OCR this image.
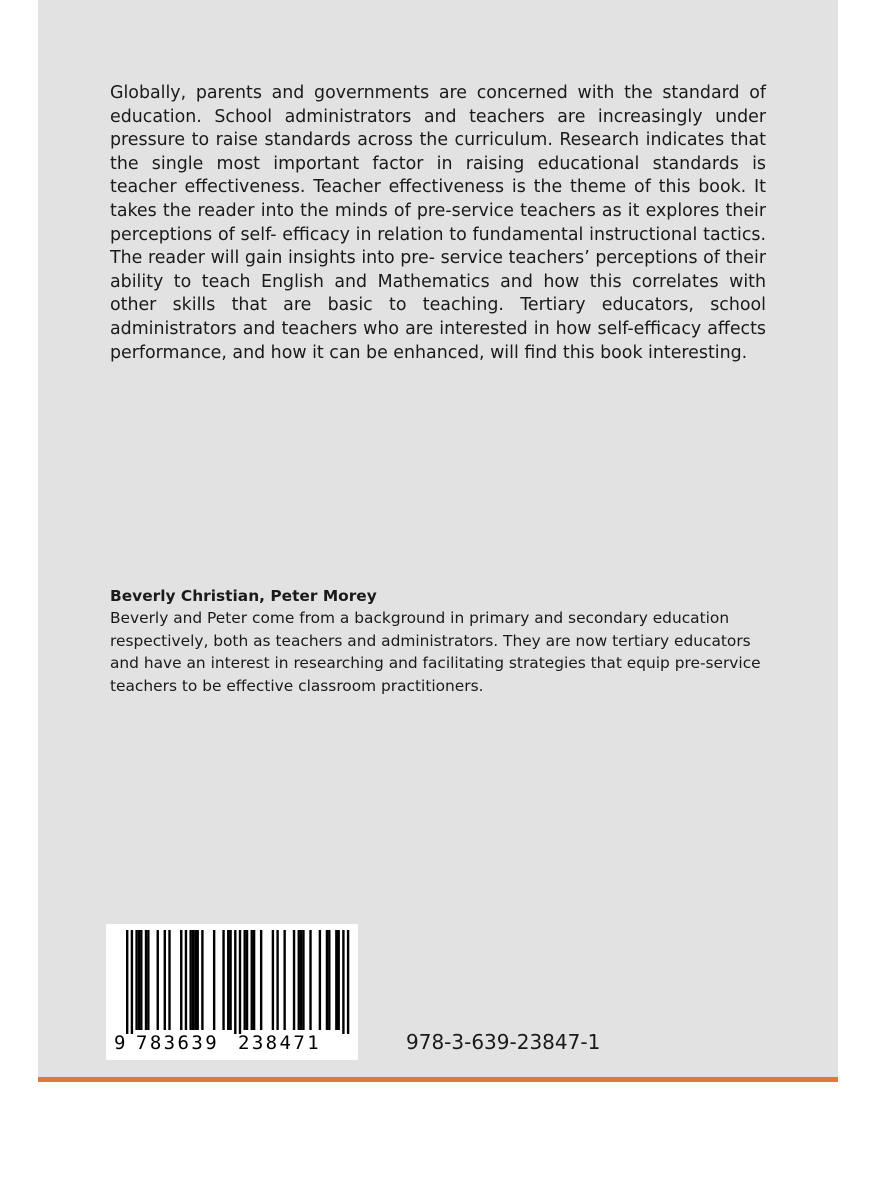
Globally, parents and governments are concerned with the standard of education. School administrators and teachers are increasingly under pressure to raise standards across the curriculum. Research indicates that the single most important factor in raising educational standards is teacher effectiveness. Teacher effectiveness is the theme of this book. It takes the reader into the minds of pre-service teachers as it explores their perceptions of self- efficacy in relation to fundamental instructional tactics. The reader will gain insights into pre- service teachers’ perceptions of their ability to teach English and Mathematics and how this correlates with other skills that are basic to teaching. Tertiary educators, school administrators and teachers who are interested in how self-efficacy affects performance, and how it can be enhanced, will find this book interesting.

Beverly Christian, Peter Morey

Beverly and Peter come from a background in primary and secondary education respectively, both as teachers and administrators. They are now tertiary educators and have an interest in researching and facilitating strategies that equip pre-service teachers to be effective classroom practitioners.

9 783639 238471	978-3-639-23847-1
